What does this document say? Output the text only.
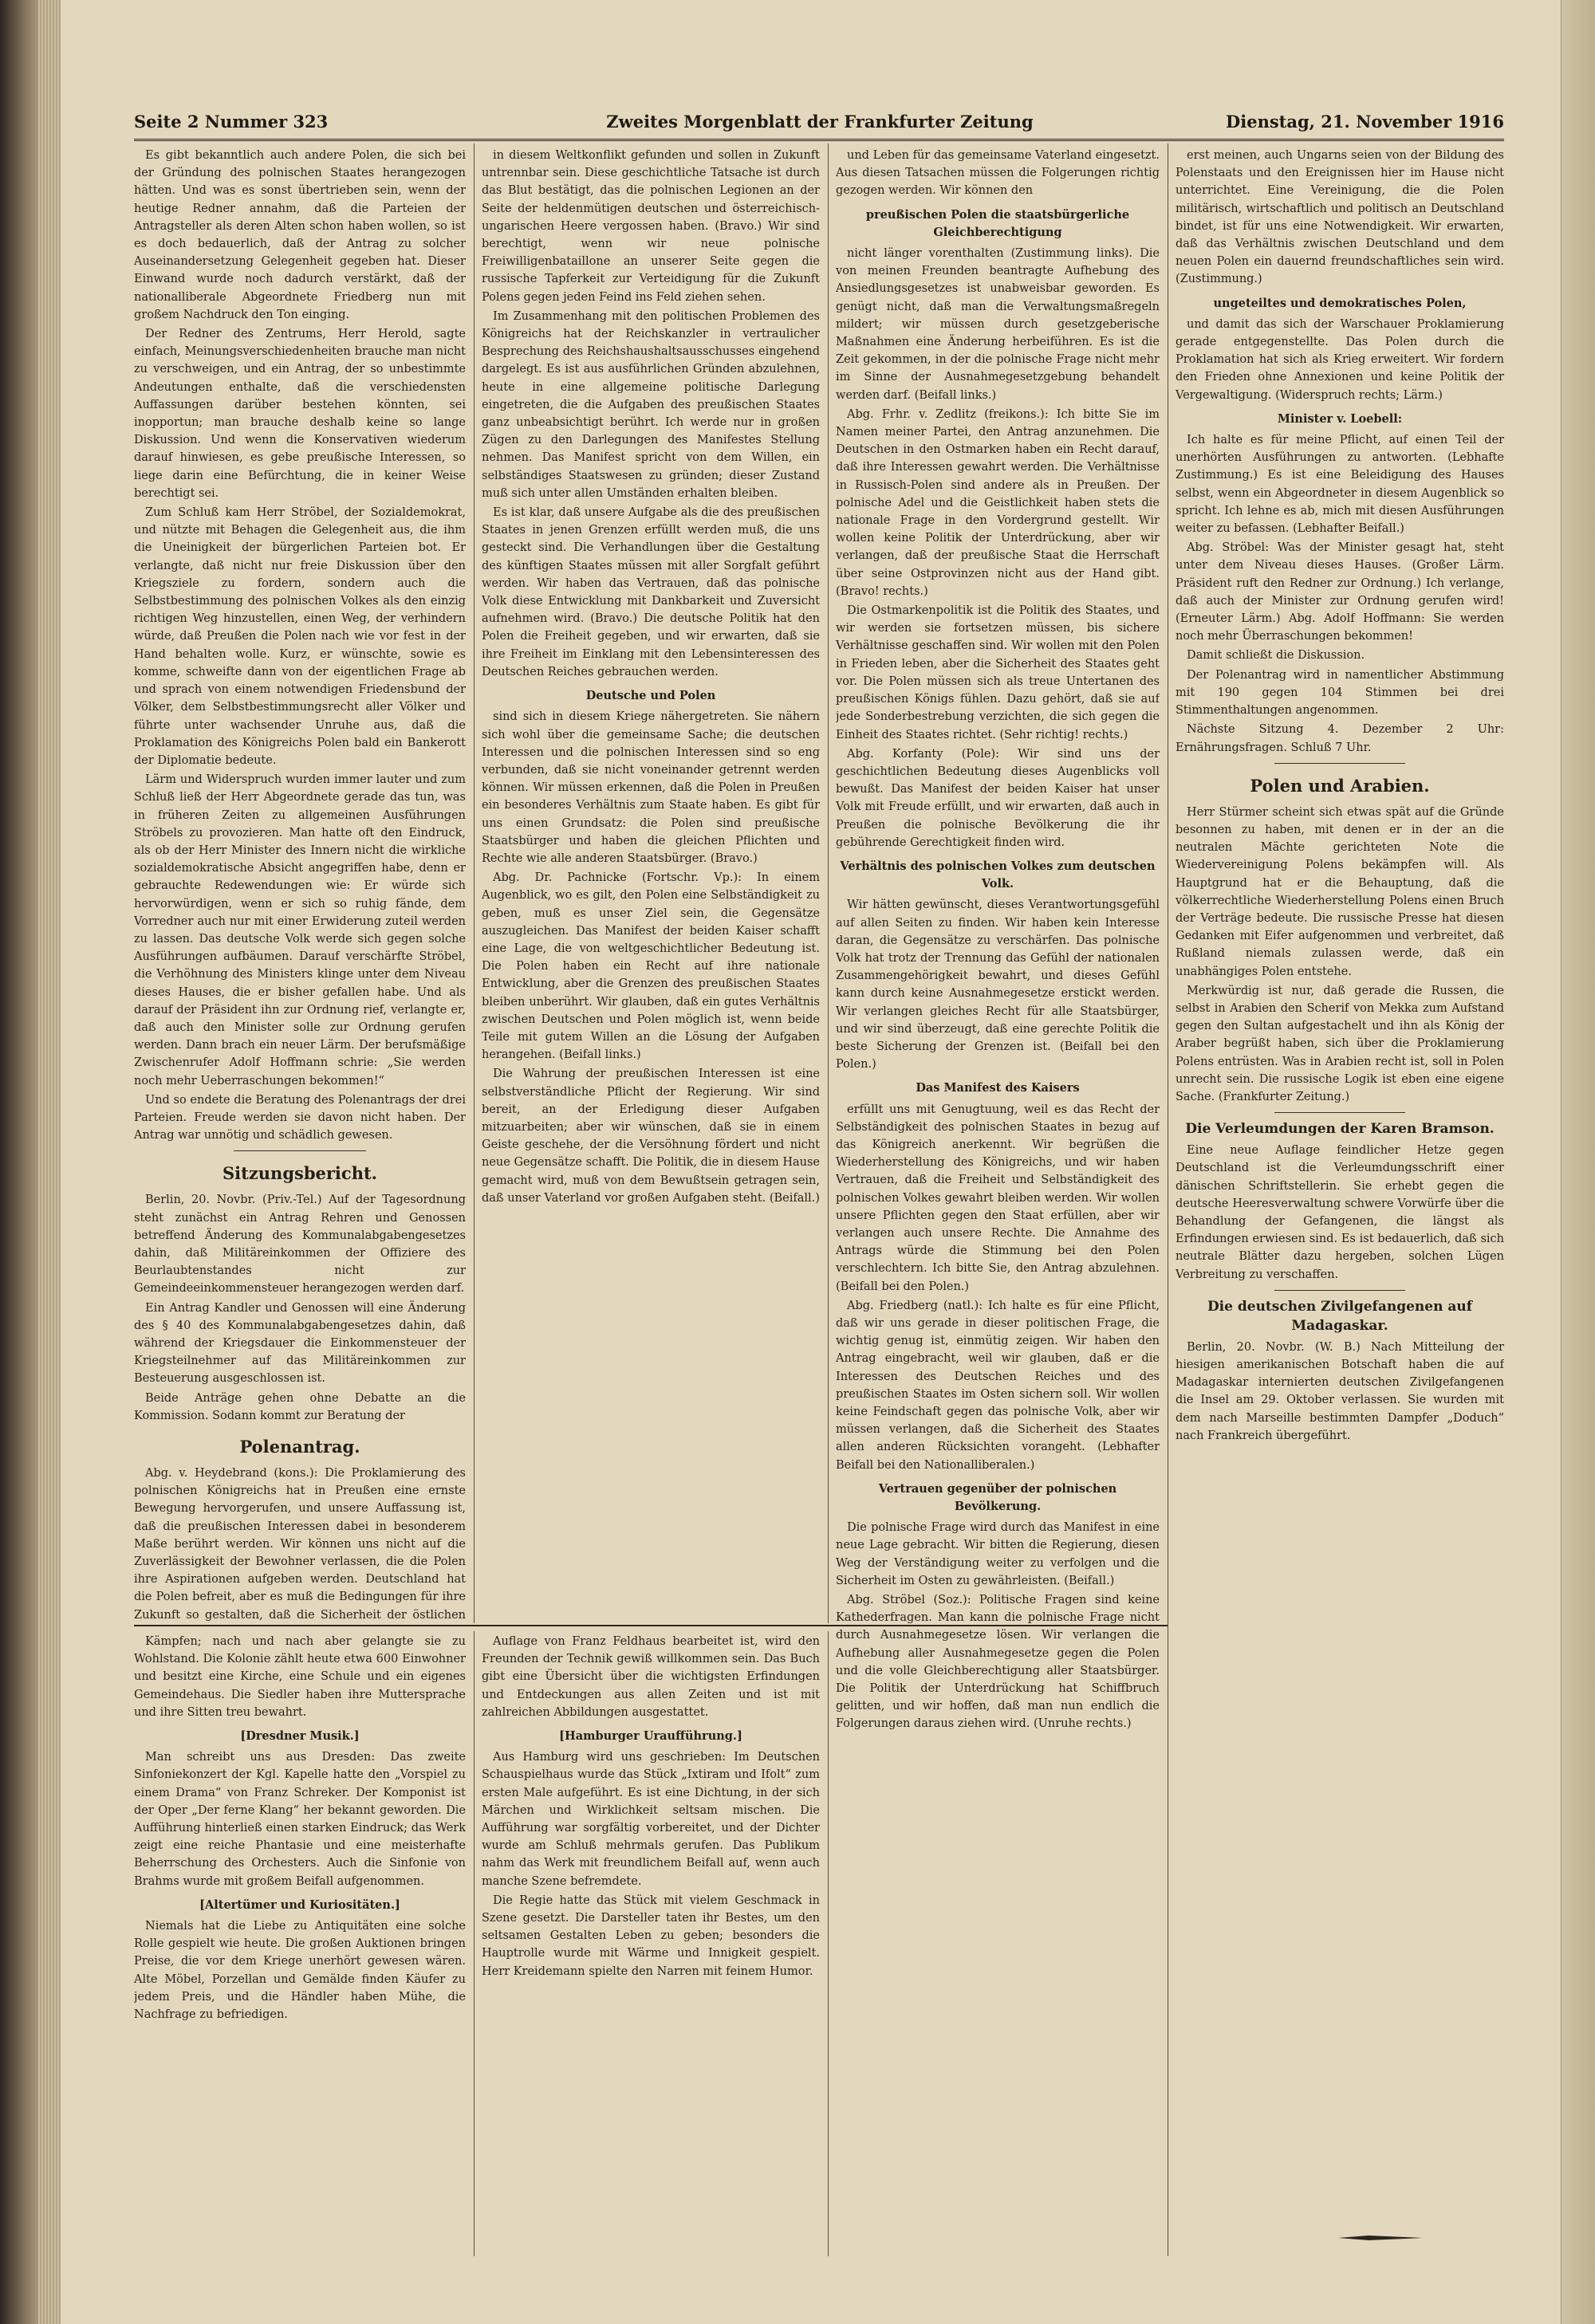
Seite 2 Nummer 323	Zweites Morgenblatt der Frankfurter Zeitung	Dienstag, 21. November 1916

Es gibt bekanntlich auch andere Polen, die sich bei der Gründung des polnischen Staates herangezogen hätten. Und was es sonst übertrieben sein, wenn der heutige Redner annahm, daß die Parteien der Antragsteller als deren Alten schon haben wollen, so ist es doch bedauerlich, daß der Antrag zu solcher Auseinandersetzung Gelegenheit gegeben hat. Dieser Einwand wurde noch dadurch verstärkt, daß der nationalliberale Abgeordnete Friedberg nun mit großem Nachdruck den Ton einging.

Der Redner des Zentrums, Herr Herold, sagte einfach, Meinungsverschiedenheiten brauche man nicht zu verschweigen, und ein Antrag, der so unbestimmte Andeutungen enthalte, daß die verschiedensten Auffassungen darüber bestehen könnten, sei inopportun; man brauche deshalb keine so lange Diskussion. Und wenn die Konservativen wiederum darauf hinwiesen, es gebe preußische Interessen, so liege darin eine Befürchtung, die in keiner Weise berechtigt sei.

Zum Schluß kam Herr Ströbel, der Sozialdemokrat, und nützte mit Behagen die Gelegenheit aus, die ihm die Uneinigkeit der bürgerlichen Parteien bot. Er verlangte, daß nicht nur freie Diskussion über den Kriegsziele zu fordern, sondern auch die Selbstbestimmung des polnischen Volkes als den einzig richtigen Weg hinzustellen, einen Weg, der verhindern würde, daß Preußen die Polen nach wie vor fest in der Hand behalten wolle. Kurz, er wünschte, sowie es komme, schweifte dann von der eigentlichen Frage ab und sprach von einem notwendigen Friedensbund der Völker, dem Selbstbestimmungsrecht aller Völker und führte unter wachsender Unruhe aus, daß die Proklamation des Königreichs Polen bald ein Bankerott der Diplomatie bedeute.

Lärm und Widerspruch wurden immer lauter und zum Schluß ließ der Herr Abgeordnete gerade das tun, was in früheren Zeiten zu allgemeinen Ausführungen Ströbels zu provozieren. Man hatte oft den Eindruck, als ob der Herr Minister des Innern nicht die wirkliche sozialdemokratische Absicht angegriffen habe, denn er gebrauchte Redewendungen wie: Er würde sich hervorwürdigen, wenn er sich so ruhig fände, dem Vorredner auch nur mit einer Erwiderung zuteil werden zu lassen. Das deutsche Volk werde sich gegen solche Ausführungen aufbäumen. Darauf verschärfte Ströbel, die Verhöhnung des Ministers klinge unter dem Niveau dieses Hauses, die er bisher gefallen habe. Und als darauf der Präsident ihn zur Ordnung rief, verlangte er, daß auch den Minister solle zur Ordnung gerufen werden. Dann brach ein neuer Lärm. Der berufsmäßige Zwischenrufer Adolf Hoffmann schrie: „Sie werden noch mehr Ueberraschungen bekommen!“

Und so endete die Beratung des Polenantrags der drei Parteien. Freude werden sie davon nicht haben. Der Antrag war unnötig und schädlich gewesen.

Sitzungsbericht.

Berlin, 20. Novbr. (Priv.-Tel.) Auf der Tagesordnung steht zunächst ein Antrag Rehren und Genossen betreffend Änderung des Kommunalabgabengesetzes dahin, daß Militäreinkommen der Offiziere des Beurlaubtenstandes nicht zur Gemeindeeinkommensteuer herangezogen werden darf.

Ein Antrag Kandler und Genossen will eine Änderung des § 40 des Kommunalabgabengesetzes dahin, daß während der Kriegsdauer die Einkommensteuer der Kriegsteilnehmer auf das Militäreinkommen zur Besteuerung ausgeschlossen ist.

Beide Anträge gehen ohne Debatte an die Kommission. Sodann kommt zur Beratung der

Polenantrag.

Abg. v. Heydebrand (kons.): Die Proklamierung des polnischen Königreichs hat in Preußen eine ernste Bewegung hervorgerufen, und unsere Auffassung ist, daß die preußischen Interessen dabei in besonderem Maße berührt werden. Wir können uns nicht auf die Zuverlässigkeit der Bewohner verlassen, die die Polen ihre Aspirationen aufgeben werden. Deutschland hat die Polen befreit, aber es muß die Bedingungen für ihre Zukunft so gestalten, daß die Sicherheit der östlichen

in diesem Weltkonflikt gefunden und sollen in Zukunft untrennbar sein. Diese geschichtliche Tatsache ist durch das Blut bestätigt, das die polnischen Legionen an der Seite der heldenmütigen deutschen und österreichisch-ungarischen Heere vergossen haben. (Bravo.) Wir sind berechtigt, wenn wir neue polnische Freiwilligenbataillone an unserer Seite gegen die russische Tapferkeit zur Verteidigung für die Zukunft Polens gegen jeden Feind ins Feld ziehen sehen.

Im Zusammenhang mit den politischen Problemen des Königreichs hat der Reichskanzler in vertraulicher Besprechung des Reichshaushaltsausschusses eingehend dargelegt. Es ist aus ausführlichen Gründen abzulehnen, heute in eine allgemeine politische Darlegung eingetreten, die die Aufgaben des preußischen Staates ganz unbeabsichtigt berührt. Ich werde nur in großen Zügen zu den Darlegungen des Manifestes Stellung nehmen. Das Manifest spricht von dem Willen, ein selbständiges Staatswesen zu gründen; dieser Zustand muß sich unter allen Umständen erhalten bleiben.

Es ist klar, daß unsere Aufgabe als die des preußischen Staates in jenen Grenzen erfüllt werden muß, die uns gesteckt sind. Die Verhandlungen über die Gestaltung des künftigen Staates müssen mit aller Sorgfalt geführt werden. Wir haben das Vertrauen, daß das polnische Volk diese Entwicklung mit Dankbarkeit und Zuversicht aufnehmen wird. (Bravo.) Die deutsche Politik hat den Polen die Freiheit gegeben, und wir erwarten, daß sie ihre Freiheit im Einklang mit den Lebensinteressen des Deutschen Reiches gebrauchen werden.

Deutsche und Polen

sind sich in diesem Kriege nähergetreten. Sie nähern sich wohl über die gemeinsame Sache; die deutschen Interessen und die polnischen Interessen sind so eng verbunden, daß sie nicht voneinander getrennt werden können. Wir müssen erkennen, daß die Polen in Preußen ein besonderes Verhältnis zum Staate haben. Es gibt für uns einen Grundsatz: die Polen sind preußische Staatsbürger und haben die gleichen Pflichten und Rechte wie alle anderen Staatsbürger. (Bravo.)

Abg. Dr. Pachnicke (Fortschr. Vp.): In einem Augenblick, wo es gilt, den Polen eine Selbständigkeit zu geben, muß es unser Ziel sein, die Gegensätze auszugleichen. Das Manifest der beiden Kaiser schafft eine Lage, die von weltgeschichtlicher Bedeutung ist. Die Polen haben ein Recht auf ihre nationale Entwicklung, aber die Grenzen des preußischen Staates bleiben unberührt. Wir glauben, daß ein gutes Verhältnis zwischen Deutschen und Polen möglich ist, wenn beide Teile mit gutem Willen an die Lösung der Aufgaben herangehen. (Beifall links.)

Die Wahrung der preußischen Interessen ist eine selbstverständliche Pflicht der Regierung. Wir sind bereit, an der Erledigung dieser Aufgaben mitzuarbeiten; aber wir wünschen, daß sie in einem Geiste geschehe, der die Versöhnung fördert und nicht neue Gegensätze schafft. Die Politik, die in diesem Hause gemacht wird, muß von dem Bewußtsein getragen sein, daß unser Vaterland vor großen Aufgaben steht. (Beifall.)

und Leben für das gemeinsame Vaterland eingesetzt. Aus diesen Tatsachen müssen die Folgerungen richtig gezogen werden. Wir können den

preußischen Polen die staatsbürgerliche Gleichberechtigung

nicht länger vorenthalten (Zustimmung links). Die von meinen Freunden beantragte Aufhebung des Ansiedlungsgesetzes ist unabweisbar geworden. Es genügt nicht, daß man die Verwaltungsmaßregeln mildert; wir müssen durch gesetzgeberische Maßnahmen eine Änderung herbeiführen. Es ist die Zeit gekommen, in der die polnische Frage nicht mehr im Sinne der Ausnahmegesetzgebung behandelt werden darf. (Beifall links.)

Abg. Frhr. v. Zedlitz (freikons.): Ich bitte Sie im Namen meiner Partei, den Antrag anzunehmen. Die Deutschen in den Ostmarken haben ein Recht darauf, daß ihre Interessen gewahrt werden. Die Verhältnisse in Russisch-Polen sind andere als in Preußen. Der polnische Adel und die Geistlichkeit haben stets die nationale Frage in den Vordergrund gestellt. Wir wollen keine Politik der Unterdrückung, aber wir verlangen, daß der preußische Staat die Herrschaft über seine Ostprovinzen nicht aus der Hand gibt. (Bravo! rechts.)

Die Ostmarkenpolitik ist die Politik des Staates, und wir werden sie fortsetzen müssen, bis sichere Verhältnisse geschaffen sind. Wir wollen mit den Polen in Frieden leben, aber die Sicherheit des Staates geht vor. Die Polen müssen sich als treue Untertanen des preußischen Königs fühlen. Dazu gehört, daß sie auf jede Sonderbestrebung verzichten, die sich gegen die Einheit des Staates richtet. (Sehr richtig! rechts.)

Abg. Korfanty (Pole): Wir sind uns der geschichtlichen Bedeutung dieses Augenblicks voll bewußt. Das Manifest der beiden Kaiser hat unser Volk mit Freude erfüllt, und wir erwarten, daß auch in Preußen die polnische Bevölkerung die ihr gebührende Gerechtigkeit finden wird.

Verhältnis des polnischen Volkes zum deutschen Volk.

Wir hätten gewünscht, dieses Verantwortungsgefühl auf allen Seiten zu finden. Wir haben kein Interesse daran, die Gegensätze zu verschärfen. Das polnische Volk hat trotz der Trennung das Gefühl der nationalen Zusammengehörigkeit bewahrt, und dieses Gefühl kann durch keine Ausnahmegesetze erstickt werden. Wir verlangen gleiches Recht für alle Staatsbürger, und wir sind überzeugt, daß eine gerechte Politik die beste Sicherung der Grenzen ist. (Beifall bei den Polen.)

Das Manifest des Kaisers

erfüllt uns mit Genugtuung, weil es das Recht der Selbständigkeit des polnischen Staates in bezug auf das Königreich anerkennt. Wir begrüßen die Wiederherstellung des Königreichs, und wir haben Vertrauen, daß die Freiheit und Selbständigkeit des polnischen Volkes gewahrt bleiben werden. Wir wollen unsere Pflichten gegen den Staat erfüllen, aber wir verlangen auch unsere Rechte. Die Annahme des Antrags würde die Stimmung bei den Polen verschlechtern. Ich bitte Sie, den Antrag abzulehnen. (Beifall bei den Polen.)

Abg. Friedberg (natl.): Ich halte es für eine Pflicht, daß wir uns gerade in dieser politischen Frage, die wichtig genug ist, einmütig zeigen. Wir haben den Antrag eingebracht, weil wir glauben, daß er die Interessen des Deutschen Reiches und des preußischen Staates im Osten sichern soll. Wir wollen keine Feindschaft gegen das polnische Volk, aber wir müssen verlangen, daß die Sicherheit des Staates allen anderen Rücksichten vorangeht. (Lebhafter Beifall bei den Nationalliberalen.)

Vertrauen gegenüber der polnischen Bevölkerung.

Die polnische Frage wird durch das Manifest in eine neue Lage gebracht. Wir bitten die Regierung, diesen Weg der Verständigung weiter zu verfolgen und die Sicherheit im Osten zu gewährleisten. (Beifall.)

Abg. Ströbel (Soz.): Politische Fragen sind keine Kathederfragen. Man kann die polnische Frage nicht durch Ausnahmegesetze lösen. Wir verlangen die Aufhebung aller Ausnahmegesetze gegen die Polen und die volle Gleichberechtigung aller Staatsbürger. Die Politik der Unterdrückung hat Schiffbruch gelitten, und wir hoffen, daß man nun endlich die Folgerungen daraus ziehen wird. (Unruhe rechts.)

erst meinen, auch Ungarns seien von der Bildung des Polenstaats und den Ereignissen hier im Hause nicht unterrichtet. Eine Vereinigung, die die Polen militärisch, wirtschaftlich und politisch an Deutschland bindet, ist für uns eine Notwendigkeit. Wir erwarten, daß das Verhältnis zwischen Deutschland und dem neuen Polen ein dauernd freundschaftliches sein wird. (Zustimmung.)

ungeteiltes und demokratisches Polen,

und damit das sich der Warschauer Proklamierung gerade entgegenstellte. Das Polen durch die Proklamation hat sich als Krieg erweitert. Wir fordern den Frieden ohne Annexionen und keine Politik der Vergewaltigung. (Widerspruch rechts; Lärm.)

Minister v. Loebell:

Ich halte es für meine Pflicht, auf einen Teil der unerhörten Ausführungen zu antworten. (Lebhafte Zustimmung.) Es ist eine Beleidigung des Hauses selbst, wenn ein Abgeordneter in diesem Augenblick so spricht. Ich lehne es ab, mich mit diesen Ausführungen weiter zu befassen. (Lebhafter Beifall.)

Abg. Ströbel: Was der Minister gesagt hat, steht unter dem Niveau dieses Hauses. (Großer Lärm. Präsident ruft den Redner zur Ordnung.) Ich verlange, daß auch der Minister zur Ordnung gerufen wird! (Erneuter Lärm.) Abg. Adolf Hoffmann: Sie werden noch mehr Überraschungen bekommen!

Damit schließt die Diskussion.

Der Polenantrag wird in namentlicher Abstimmung mit 190 gegen 104 Stimmen bei drei Stimmenthaltungen angenommen.

Nächste Sitzung 4. Dezember 2 Uhr: Ernährungsfragen. Schluß 7 Uhr.

Polen und Arabien.

Herr Stürmer scheint sich etwas spät auf die Gründe besonnen zu haben, mit denen er in der an die neutralen Mächte gerichteten Note die Wiedervereinigung Polens bekämpfen will. Als Hauptgrund hat er die Behauptung, daß die völkerrechtliche Wiederherstellung Polens einen Bruch der Verträge bedeute. Die russische Presse hat diesen Gedanken mit Eifer aufgenommen und verbreitet, daß Rußland niemals zulassen werde, daß ein unabhängiges Polen entstehe.

Merkwürdig ist nur, daß gerade die Russen, die selbst in Arabien den Scherif von Mekka zum Aufstand gegen den Sultan aufgestachelt und ihn als König der Araber begrüßt haben, sich über die Proklamierung Polens entrüsten. Was in Arabien recht ist, soll in Polen unrecht sein. Die russische Logik ist eben eine eigene Sache. (Frankfurter Zeitung.)

Die Verleumdungen der Karen Bramson.

Eine neue Auflage feindlicher Hetze gegen Deutschland ist die Verleumdungsschrift einer dänischen Schriftstellerin. Sie erhebt gegen die deutsche Heeresverwaltung schwere Vorwürfe über die Behandlung der Gefangenen, die längst als Erfindungen erwiesen sind. Es ist bedauerlich, daß sich neutrale Blätter dazu hergeben, solchen Lügen Verbreitung zu verschaffen.

Die deutschen Zivilgefangenen auf Madagaskar.

Berlin, 20. Novbr. (W. B.) Nach Mitteilung der hiesigen amerikanischen Botschaft haben die auf Madagaskar internierten deutschen Zivilgefangenen die Insel am 29. Oktober verlassen. Sie wurden mit dem nach Marseille bestimmten Dampfer „Doduch“ nach Frankreich übergeführt.

Kämpfen; nach und nach aber gelangte sie zu Wohlstand. Die Kolonie zählt heute etwa 600 Einwohner und besitzt eine Kirche, eine Schule und ein eigenes Gemeindehaus. Die Siedler haben ihre Muttersprache und ihre Sitten treu bewahrt.

[Dresdner Musik.]

Man schreibt uns aus Dresden: Das zweite Sinfoniekonzert der Kgl. Kapelle hatte den „Vorspiel zu einem Drama“ von Franz Schreker. Der Komponist ist der Oper „Der ferne Klang“ her bekannt geworden. Die Aufführung hinterließ einen starken Eindruck; das Werk zeigt eine reiche Phantasie und eine meisterhafte Beherrschung des Orchesters. Auch die Sinfonie von Brahms wurde mit großem Beifall aufgenommen.

[Altertümer und Kuriositäten.]

Niemals hat die Liebe zu Antiquitäten eine solche Rolle gespielt wie heute. Die großen Auktionen bringen Preise, die vor dem Kriege unerhört gewesen wären. Alte Möbel, Porzellan und Gemälde finden Käufer zu jedem Preis, und die Händler haben Mühe, die Nachfrage zu befriedigen.

Auflage von Franz Feldhaus bearbeitet ist, wird den Freunden der Technik gewiß willkommen sein. Das Buch gibt eine Übersicht über die wichtigsten Erfindungen und Entdeckungen aus allen Zeiten und ist mit zahlreichen Abbildungen ausgestattet.

[Hamburger Uraufführung.]

Aus Hamburg wird uns geschrieben: Im Deutschen Schauspielhaus wurde das Stück „Ixtiram und Ifolt“ zum ersten Male aufgeführt. Es ist eine Dichtung, in der sich Märchen und Wirklichkeit seltsam mischen. Die Aufführung war sorgfältig vorbereitet, und der Dichter wurde am Schluß mehrmals gerufen. Das Publikum nahm das Werk mit freundlichem Beifall auf, wenn auch manche Szene befremdete.

Die Regie hatte das Stück mit vielem Geschmack in Szene gesetzt. Die Darsteller taten ihr Bestes, um den seltsamen Gestalten Leben zu geben; besonders die Hauptrolle wurde mit Wärme und Innigkeit gespielt. Herr Kreidemann spielte den Narren mit feinem Humor.
